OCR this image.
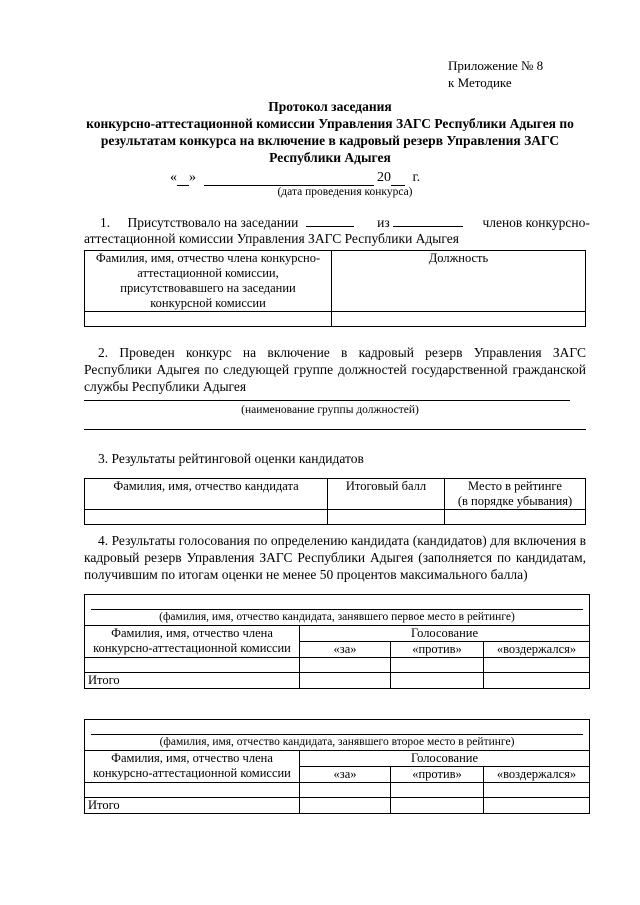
Приложение № 8
к Методике
Протокол заседания
конкурсно-аттестационной комиссии Управления ЗАГС Республики Адыгея по
результатам конкурса на включение в кадровый резерв Управления ЗАГС
Республики Адыгея
« »	20 г.
(дата проведения конкурса)
1. Присутствовало на заседании	из	членов конкурсно-
аттестационной комиссии Управления ЗАГС Республики Адыгея
Фамилия, имя, отчество члена конкурсно-
аттестационной комиссии,
присутствовавшего на заседании
конкурсной комиссии	Должность

2. Проведен конкурс на включение в кадровый резерв Управления ЗАГС Республики Адыгея по следующей группе должностей государственной гражданской службы Республики Адыгея
(наименование группы должностей)
3. Результаты рейтинговой оценки кандидатов
Фамилия, имя, отчество кандидата	Итоговый балл	Место в рейтинге
(в порядке убывания)

4. Результаты голосования по определению кандидата (кандидатов) для включения в кадровый резерв Управления ЗАГС Республики Адыгея (заполняется по кандидатам, получившим по итогам оценки не менее 50 процентов максимального балла)
(фамилия, имя, отчество кандидата, занявшего первое место в рейтинге)			

Фамилия, имя, отчество члена
конкурсно-аттестационной комиссии	Голосование		
	«за»	«против»	«воздержался»

Итого			
(фамилия, имя, отчество кандидата, занявшего второе место в рейтинге)			

Фамилия, имя, отчество члена
конкурсно-аттестационной комиссии	Голосование		
	«за»	«против»	«воздержался»

Итого			
